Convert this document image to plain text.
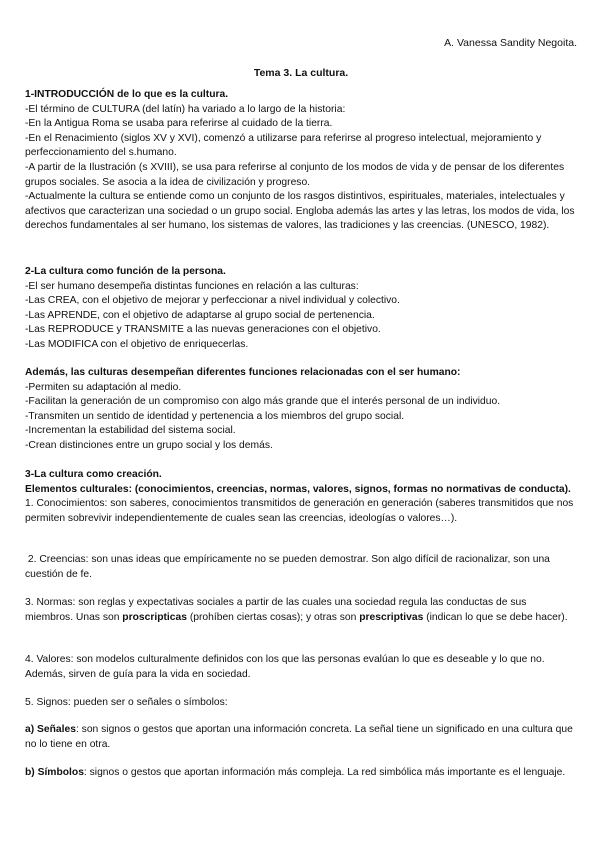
A. Vanessa Sandity Negoita.
Tema 3. La cultura.
1-INTRODUCCIÓN de lo que es la cultura.
-El término de CULTURA (del latín) ha variado a lo largo de la historia:
-En la Antigua Roma se usaba para referirse al cuidado de la tierra.
-En el Renacimiento (siglos XV y XVI), comenzó a utilizarse para referirse al progreso intelectual, mejoramiento y perfeccionamiento del s.humano.
-A partir de la Ilustración (s XVIII), se usa para referirse al conjunto de los modos de vida y de pensar de los diferentes grupos sociales. Se asocia a la idea de civilización y progreso.
-Actualmente la cultura se entiende como un conjunto de los rasgos distintivos, espirituales, materiales, intelectuales y afectivos que caracterizan una sociedad o un grupo social. Engloba además las artes y las letras, los modos de vida, los derechos fundamentales al ser humano, los sistemas de valores, las tradiciones y las creencias. (UNESCO, 1982).
2-La cultura como función de la persona.
-El ser humano desempeña distintas funciones en relación a las culturas:
-Las CREA, con el objetivo de mejorar y perfeccionar a nivel individual y colectivo.
-Las APRENDE, con el objetivo de adaptarse al grupo social de pertenencia.
-Las REPRODUCE y TRANSMITE a las nuevas generaciones con el objetivo.
-Las MODIFICA con el objetivo de enriquecerlas.
Además, las culturas desempeñan diferentes funciones relacionadas con el ser humano:
-Permiten su adaptación al medio.
-Facilitan la generación de un compromiso con algo más grande que el interés personal de un individuo.
-Transmiten un sentido de identidad y pertenencia a los miembros del grupo social.
-Incrementan la estabilidad del sistema social.
-Crean distinciones entre un grupo social y los demás.
3-La cultura como creación.
Elementos culturales: (conocimientos, creencias, normas, valores, signos, formas no normativas de conducta).
1. Conocimientos: son saberes, conocimientos transmitidos de generación en generación (saberes transmitidos que nos permiten sobrevivir independientemente de cuales sean las creencias, ideologías o valores…).
2. Creencias: son unas ideas que empíricamente no se pueden demostrar. Son algo difícil de racionalizar, son una cuestión de fe.
3. Normas: son reglas y expectativas sociales a partir de las cuales una sociedad regula las conductas de sus miembros. Unas son proscripticas (prohíben ciertas cosas); y otras son prescriptivas (indican lo que se debe hacer).
4. Valores: son modelos culturalmente definidos con los que las personas evalúan lo que es deseable y lo que no. Además, sirven de guía para la vida en sociedad.
5. Signos: pueden ser o señales o símbolos:
a) Señales: son signos o gestos que aportan una información concreta. La señal tiene un significado en una cultura que no lo tiene en otra.
b) Símbolos: signos o gestos que aportan información más compleja. La red simbólica más importante es el lenguaje.
